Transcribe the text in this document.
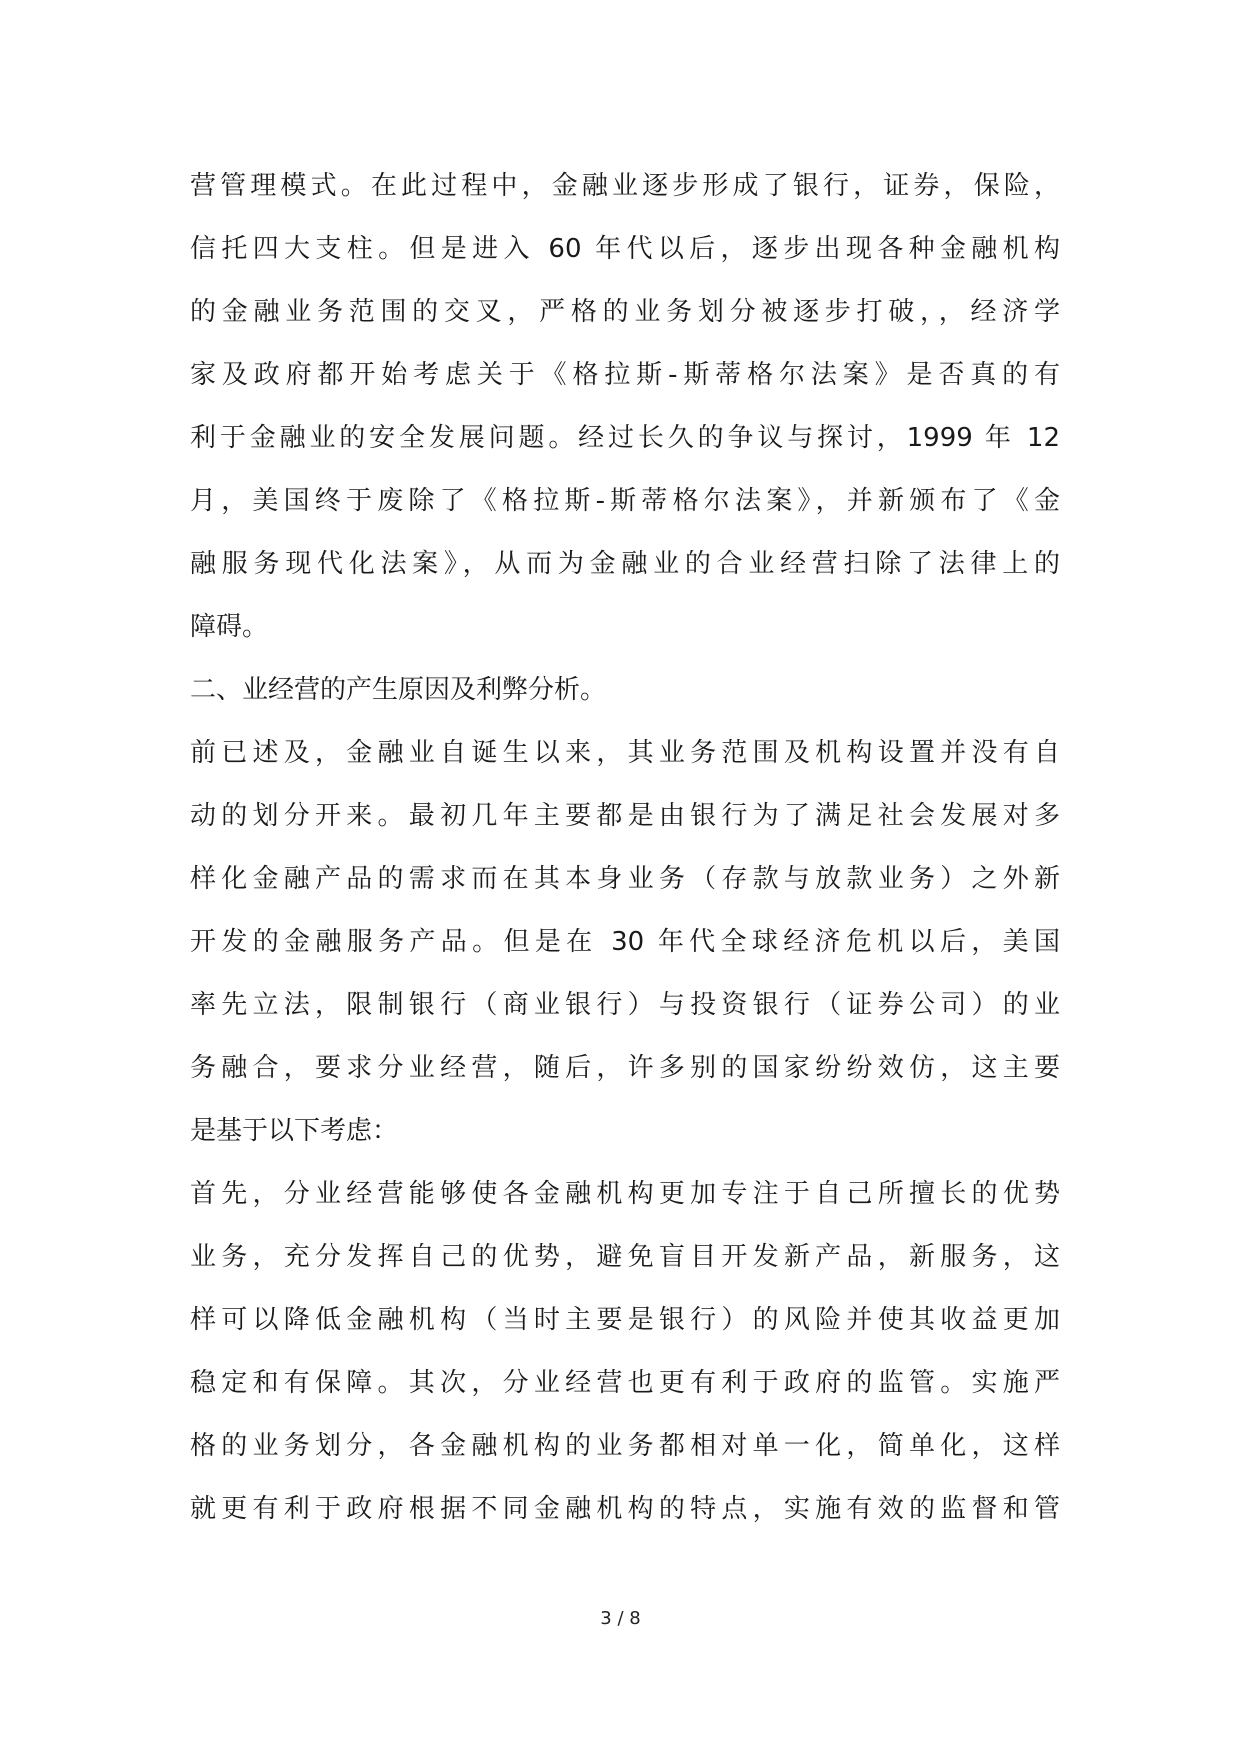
营管理模式。在此过程中，金融业逐步形成了银行，证券，保险，
信托四大支柱。但是进入 60 年代以后，逐步出现各种金融机构
的金融业务范围的交叉，严格的业务划分被逐步打破，，经济学
家及政府都开始考虑关于《格拉斯-斯蒂格尔法案》是否真的有
利于金融业的安全发展问题。经过长久的争议与探讨，1999 年 12
月，美国终于废除了《格拉斯-斯蒂格尔法案》，并新颁布了《金
融服务现代化法案》，从而为金融业的合业经营扫除了法律上的
障碍。
二、业经营的产生原因及利弊分析。
前已述及，金融业自诞生以来，其业务范围及机构设置并没有自
动的划分开来。最初几年主要都是由银行为了满足社会发展对多
样化金融产品的需求而在其本身业务（存款与放款业务）之外新
开发的金融服务产品。但是在 30 年代全球经济危机以后，美国
率先立法，限制银行（商业银行）与投资银行（证券公司）的业
务融合，要求分业经营，随后，许多别的国家纷纷效仿，这主要
是基于以下考虑：
首先，分业经营能够使各金融机构更加专注于自己所擅长的优势
业务，充分发挥自己的优势，避免盲目开发新产品，新服务，这
样可以降低金融机构（当时主要是银行）的风险并使其收益更加
稳定和有保障。其次，分业经营也更有利于政府的监管。实施严
格的业务划分，各金融机构的业务都相对单一化，简单化，这样
就更有利于政府根据不同金融机构的特点，实施有效的监督和管
3 / 8
